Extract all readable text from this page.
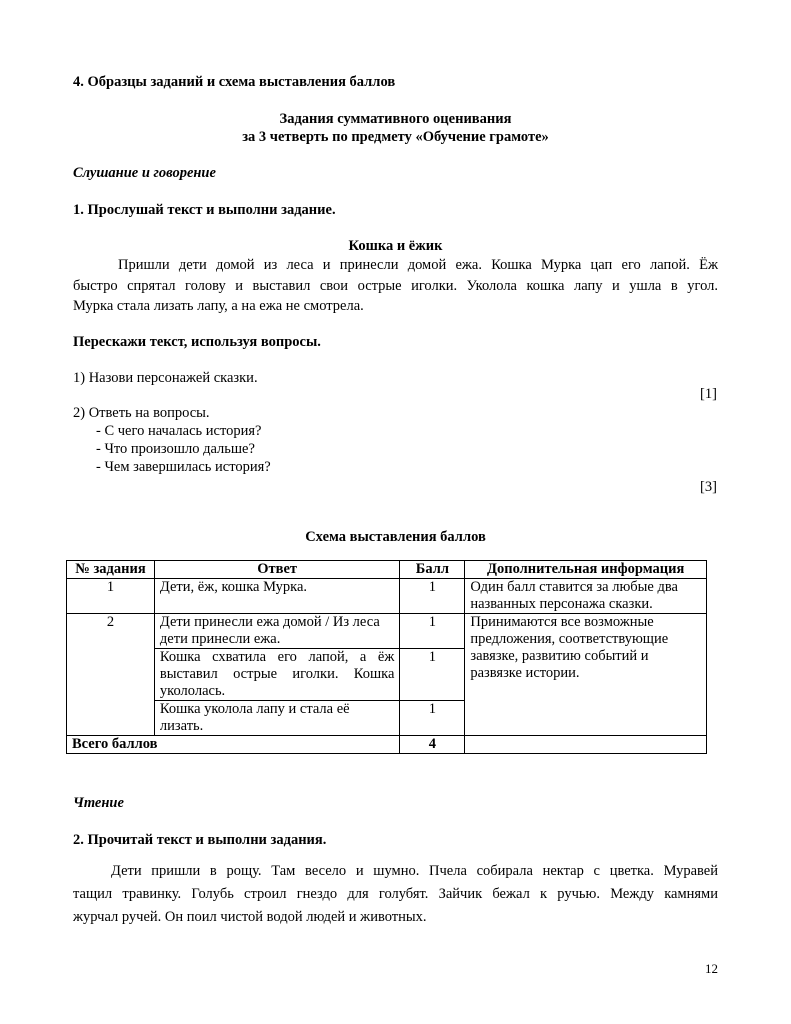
4. Образцы заданий и схема выставления баллов
Задания суммативного оценивания
за 3 четверть по предмету «Обучение грамоте»
Слушание и говорение
1. Прослушай текст и выполни задание.
Кошка и ёжик
Пришли дети домой из леса и принесли домой ежа. Кошка Мурка цап его лапой. Ёж
быстро спрятал голову и выставил свои острые иголки. Уколола кошка лапу и ушла в угол.
Мурка стала лизать лапу, а на ежа не смотрела.
Перескажи текст, используя вопросы.
1) Назови персонажей сказки.
[1]
2) Ответь на вопросы.
- С чего началась история?
- Что произошло дальше?
- Чем завершилась история?
[3]
Схема выставления баллов
№ задания	Ответ	Балл	Дополнительная информация
1	Дети, ёж, кошка Мурка.	1	Один балл ставится за любые два названных персонажа сказки.
2	Дети принесли ежа домой / Из леса дети принесли ежа.	1	Принимаются все возможные предложения, соответствующие завязке, развитию событий и развязке истории.
	Кошка схватила его лапой, а ёж выставил острые иголки. Кошка укололась.	1	
	Кошка уколола лапу и стала её лизать.	1	
Всего баллов		4	
Чтение
2. Прочитай текст и выполни задания.
Дети пришли в рощу. Там весело и шумно. Пчела собирала нектар с цветка. Муравей
тащил травинку. Голубь строил гнездо для голубят. Зайчик бежал к ручью. Между камнями
журчал ручей. Он поил чистой водой людей и животных.
12
